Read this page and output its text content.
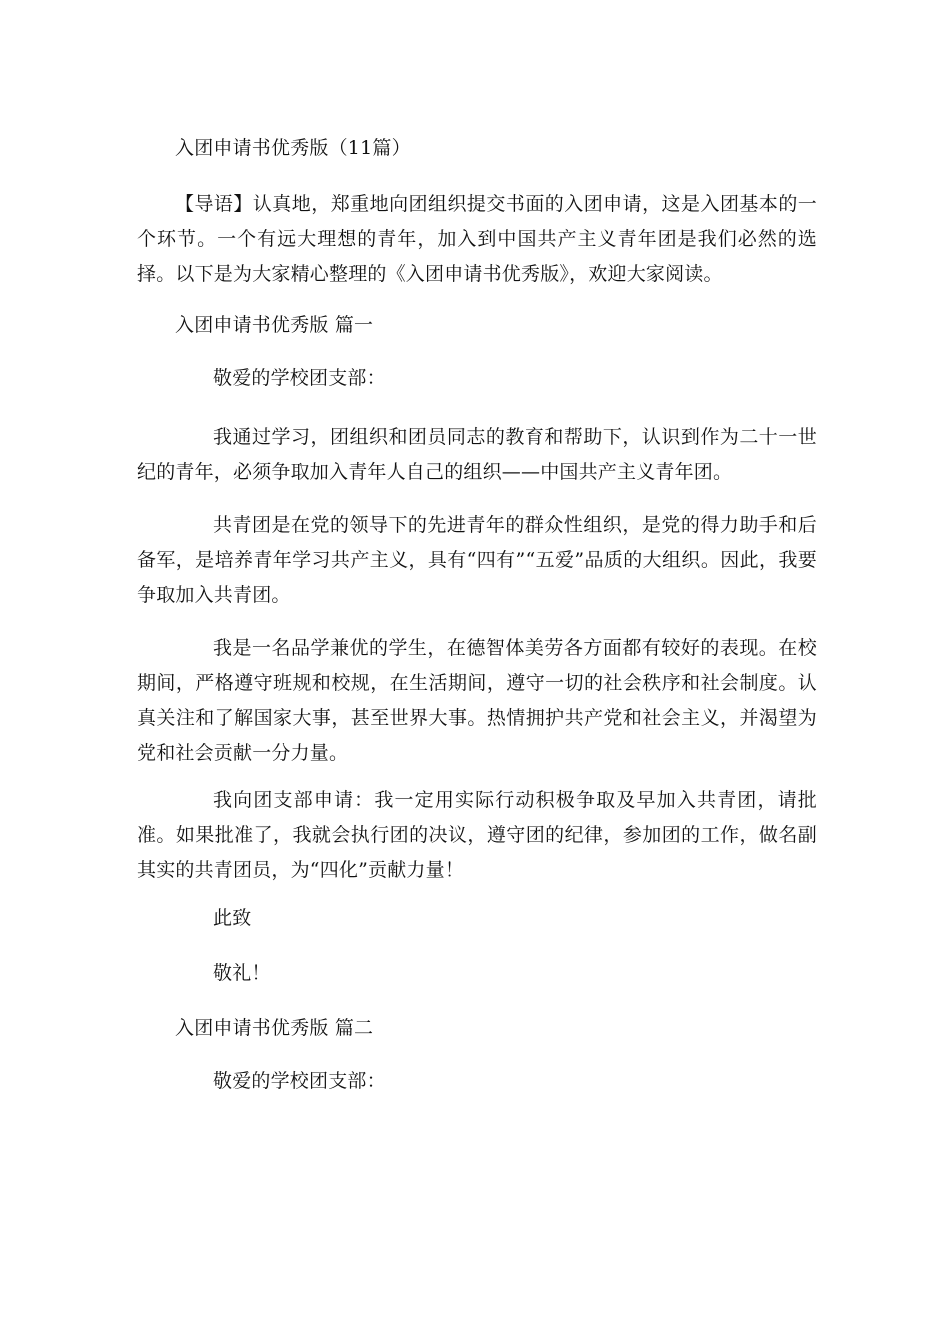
入团申请书优秀版（11篇）
【导语】认真地，郑重地向团组织提交书面的入团申请，这是入团基本的一个环节。一个有远大理想的青年，加入到中国共产主义青年团是我们必然的选择。以下是为大家精心整理的《入团申请书优秀版》，欢迎大家阅读。
入团申请书优秀版 篇一
敬爱的学校团支部：
我通过学习，团组织和团员同志的教育和帮助下，认识到作为二十一世纪的青年，必须争取加入青年人自己的组织——中国共产主义青年团。
共青团是在党的领导下的先进青年的群众性组织，是党的得力助手和后备军，是培养青年学习共产主义，具有“四有”“五爱”品质的大组织。因此，我要争取加入共青团。
我是一名品学兼优的学生，在德智体美劳各方面都有较好的表现。在校期间，严格遵守班规和校规，在生活期间，遵守一切的社会秩序和社会制度。认真关注和了解国家大事，甚至世界大事。热情拥护共产党和社会主义，并渴望为党和社会贡献一分力量。
我向团支部申请：我一定用实际行动积极争取及早加入共青团，请批准。如果批准了，我就会执行团的决议，遵守团的纪律，参加团的工作，做名副其实的共青团员，为“四化”贡献力量！
此致
敬礼！
入团申请书优秀版 篇二
敬爱的学校团支部：
